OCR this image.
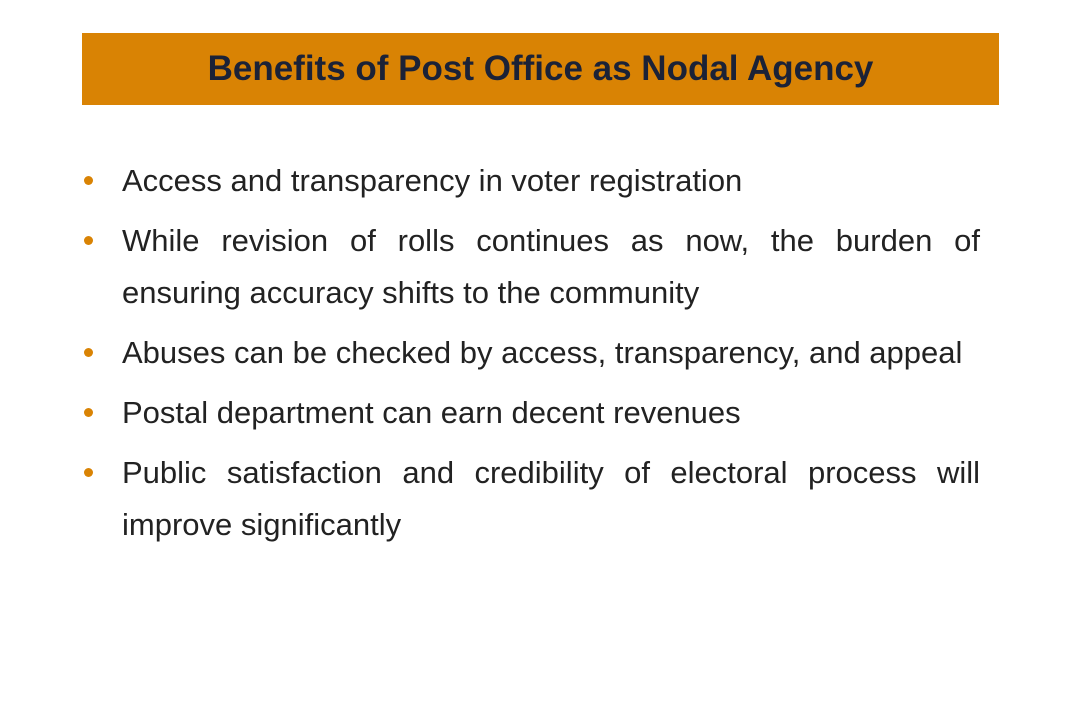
Benefits of Post Office as Nodal Agency
Access and transparency in voter registration
While revision of rolls continues as now, the burden of ensuring accuracy shifts to the community
Abuses can be checked by access, transparency, and appeal
Postal department can earn decent revenues
Public satisfaction and credibility of electoral process will improve significantly
